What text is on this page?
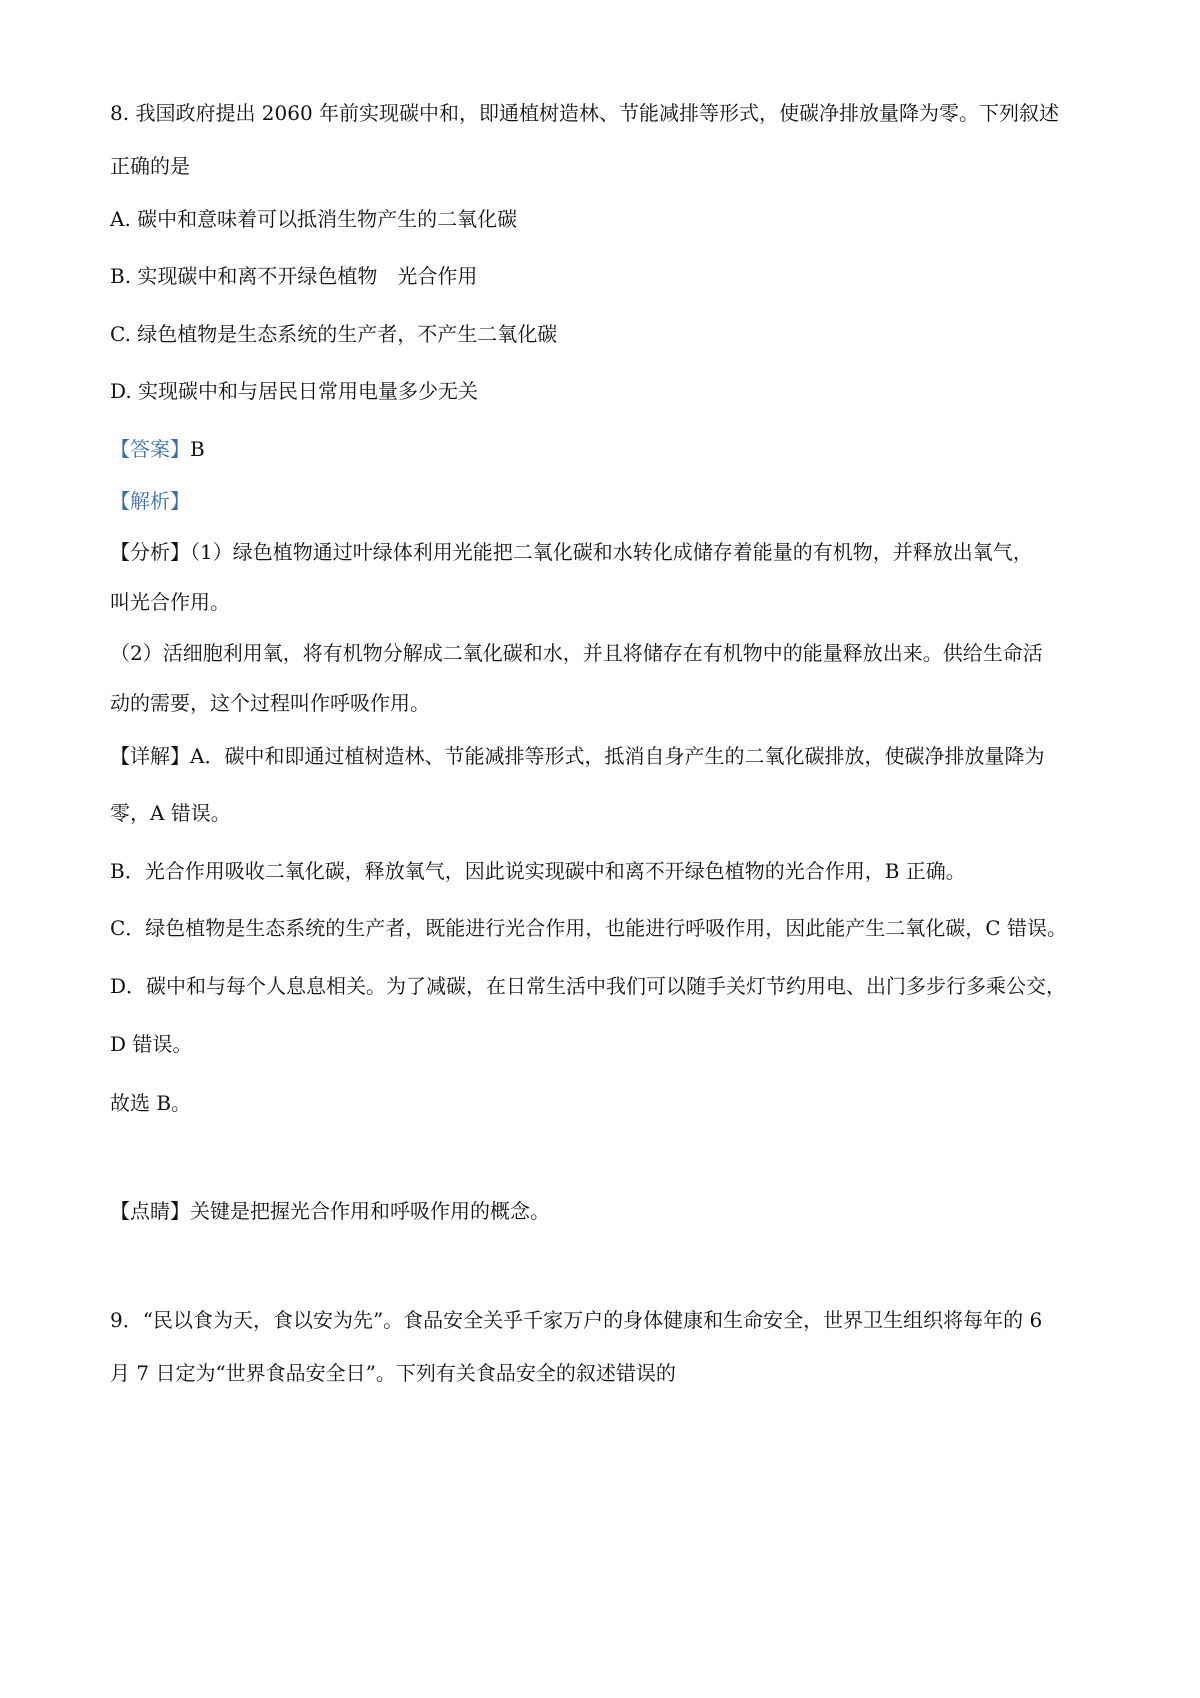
8. 我国政府提出 2060 年前实现碳中和，即通植树造林、节能减排等形式，使碳净排放量降为零。下列叙述
正确的是
A. 碳中和意味着可以抵消生物产生的二氧化碳
B. 实现碳中和离不开绿色植物　光合作用
C. 绿色植物是生态系统的生产者，不产生二氧化碳
D. 实现碳中和与居民日常用电量多少无关
【答案】B
【解析】
【分析】（1）绿色植物通过叶绿体利用光能把二氧化碳和水转化成储存着能量的有机物，并释放出氧气，
叫光合作用。
（2）活细胞利用氧，将有机物分解成二氧化碳和水，并且将储存在有机物中的能量释放出来。供给生命活
动的需要，这个过程叫作呼吸作用。
【详解】A．碳中和即通过植树造林、节能减排等形式，抵消自身产生的二氧化碳排放，使碳净排放量降为
零，A 错误。
B．光合作用吸收二氧化碳，释放氧气，因此说实现碳中和离不开绿色植物的光合作用，B 正确。
C．绿色植物是生态系统的生产者，既能进行光合作用，也能进行呼吸作用，因此能产生二氧化碳，C 错误。
D．碳中和与每个人息息相关。为了减碳，在日常生活中我们可以随手关灯节约用电、出门多步行多乘公交，
D 错误。
故选 B。
【点睛】关键是把握光合作用和呼吸作用的概念。
9．“民以食为天，食以安为先”。食品安全关乎千家万户的身体健康和生命安全，世界卫生组织将每年的 6
月 7 日定为“世界食品安全日”。下列有关食品安全的叙述错误的
